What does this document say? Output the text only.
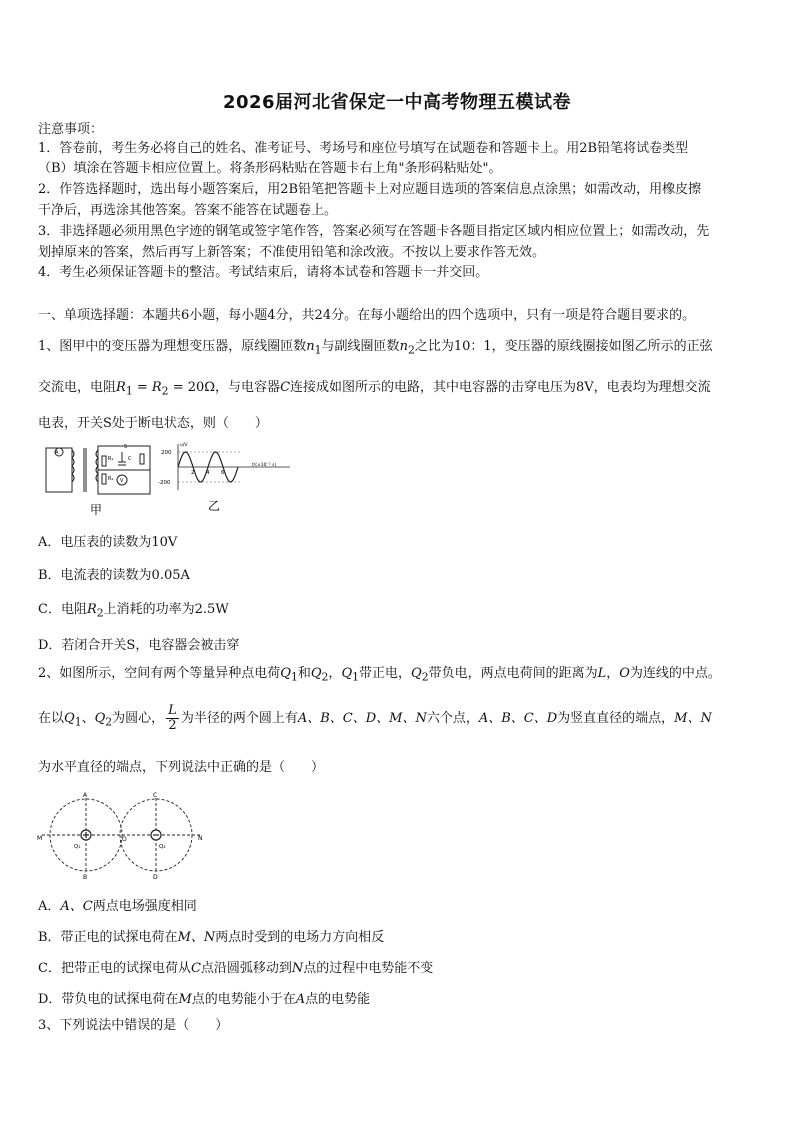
2026届河北省保定一中高考物理五模试卷
注意事项：
1．答卷前，考生务必将自己的姓名、准考证号、考场号和座位号填写在试题卷和答题卡上。用2B铅笔将试卷类型
（B）填涂在答题卡相应位置上。将条形码粘贴在答题卡右上角"条形码粘贴处"。
2．作答选择题时，选出每小题答案后，用2B铅笔把答题卡上对应题目选项的答案信息点涂黑；如需改动，用橡皮擦
干净后，再选涂其他答案。答案不能答在试题卷上。
3．非选择题必须用黑色字迹的钢笔或签字笔作答，答案必须写在答题卡各题目指定区域内相应位置上；如需改动，先
划掉原来的答案，然后再写上新答案；不准使用铅笔和涂改液。不按以上要求作答无效。
4．考生必须保证答题卡的整洁。考试结束后，请将本试卷和答题卡一并交回。
一、单项选择题：本题共6小题，每小题4分，共24分。在每小题给出的四个选项中，只有一项是符合题目要求的。
1、图甲中的变压器为理想变压器，原线圈匝数$n_1$与副线圈匝数$n_2$之比为10：1，变压器的原线圈接如图乙所示的正弦
交流电，电阻$R_1 = R_2 = 20\Omega$，与电容器C连接成如图所示的电路，其中电容器的击穿电压为8V，电表均为理想交流
电表，开关S处于断电状态，则（　　）
A
V
R₁
R₂
C
S
甲
200
-200
u/V
t/(×10⁻² s)
2 4 6
乙
A．电压表的读数为10V
B．电流表的读数为0.05A
C．电阻$R_2$上消耗的功率为2.5W
D．若闭合开关S，电容器会被击穿
2、如图所示，空间有两个等量异种点电荷$Q_1$和$Q_2$，$Q_1$带正电，$Q_2$带负电，两点电荷间的距离为L，O为连线的中点。
在以$Q_1$、$Q_2$为圆心， $\frac{L}{2}$ 为半径的两个圆上有A、B、C、D、M、N六个点，A、B、C、D为竖直直径的端点，M、N
为水平直径的端点，下列说法中正确的是（　　）
A
B
C
D
M	N
O
Q₁	Q₂
A．A、C两点电场强度相同
B．带正电的试探电荷在M、N两点时受到的电场力方向相反
C．把带正电的试探电荷从C点沿圆弧移动到N点的过程中电势能不变
D．带负电的试探电荷在M点的电势能小于在A点的电势能
3、下列说法中错误的是（　　）
